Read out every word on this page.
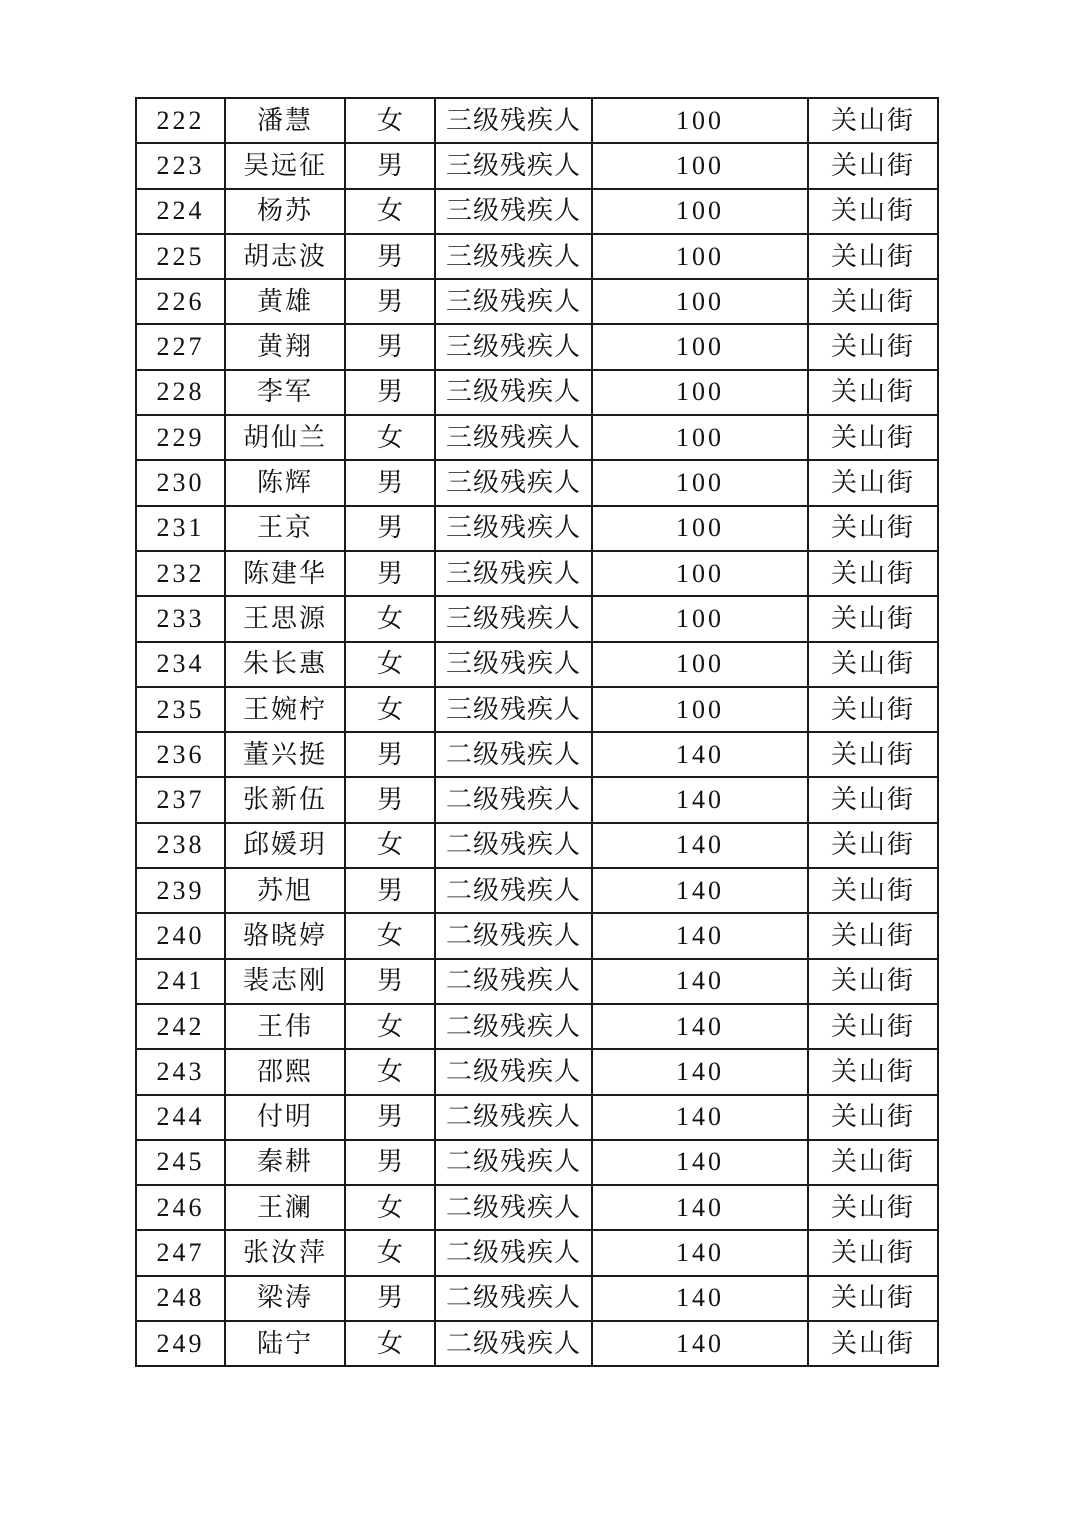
222	潘慧	女	三级残疾人	100	关山街
223	吴远征	男	三级残疾人	100	关山街
224	杨苏	女	三级残疾人	100	关山街
225	胡志波	男	三级残疾人	100	关山街
226	黄雄	男	三级残疾人	100	关山街
227	黄翔	男	三级残疾人	100	关山街
228	李军	男	三级残疾人	100	关山街
229	胡仙兰	女	三级残疾人	100	关山街
230	陈辉	男	三级残疾人	100	关山街
231	王京	男	三级残疾人	100	关山街
232	陈建华	男	三级残疾人	100	关山街
233	王思源	女	三级残疾人	100	关山街
234	朱长惠	女	三级残疾人	100	关山街
235	王婉柠	女	三级残疾人	100	关山街
236	董兴挺	男	二级残疾人	140	关山街
237	张新伍	男	二级残疾人	140	关山街
238	邱媛玥	女	二级残疾人	140	关山街
239	苏旭	男	二级残疾人	140	关山街
240	骆晓婷	女	二级残疾人	140	关山街
241	裴志刚	男	二级残疾人	140	关山街
242	王伟	女	二级残疾人	140	关山街
243	邵熙	女	二级残疾人	140	关山街
244	付明	男	二级残疾人	140	关山街
245	秦耕	男	二级残疾人	140	关山街
246	王澜	女	二级残疾人	140	关山街
247	张汝萍	女	二级残疾人	140	关山街
248	梁涛	男	二级残疾人	140	关山街
249	陆宁	女	二级残疾人	140	关山街
